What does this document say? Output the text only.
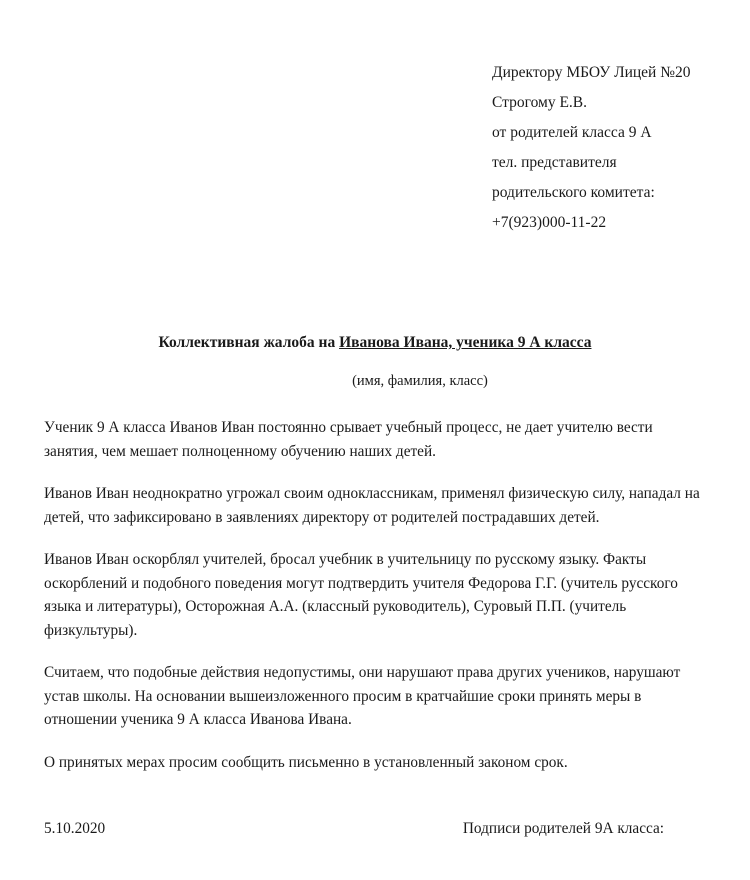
Директору МБОУ Лицей №20
Строгому Е.В.
от родителей класса 9 А
тел. представителя
родительского комитета:
+7(923)000-11-22
Коллективная жалоба на Иванова Ивана, ученика 9 А класса
(имя, фамилия, класс)

Ученик 9 А класса Иванов Иван постоянно срывает учебный процесс, не дает учителю вести занятия, чем мешает полноценному обучению наших детей.

Иванов Иван неоднократно угрожал своим одноклассникам, применял физическую силу, нападал на детей, что зафиксировано в заявлениях директору от родителей пострадавших детей.

Иванов Иван оскорблял учителей, бросал учебник в учительницу по русскому языку. Факты оскорблений и подобного поведения могут подтвердить учителя Федорова Г.Г. (учитель русского языка и литературы), Осторожная А.А. (классный руководитель), Суровый П.П. (учитель физкультуры).

Считаем, что подобные действия недопустимы, они нарушают права других учеников, нарушают устав школы. На основании вышеизложенного просим в кратчайшие сроки принять меры в отношении ученика 9 А класса Иванова Ивана.

О принятых мерах просим сообщить письменно в установленный законом срок.

5.10.2020	Подписи родителей 9А класса:
